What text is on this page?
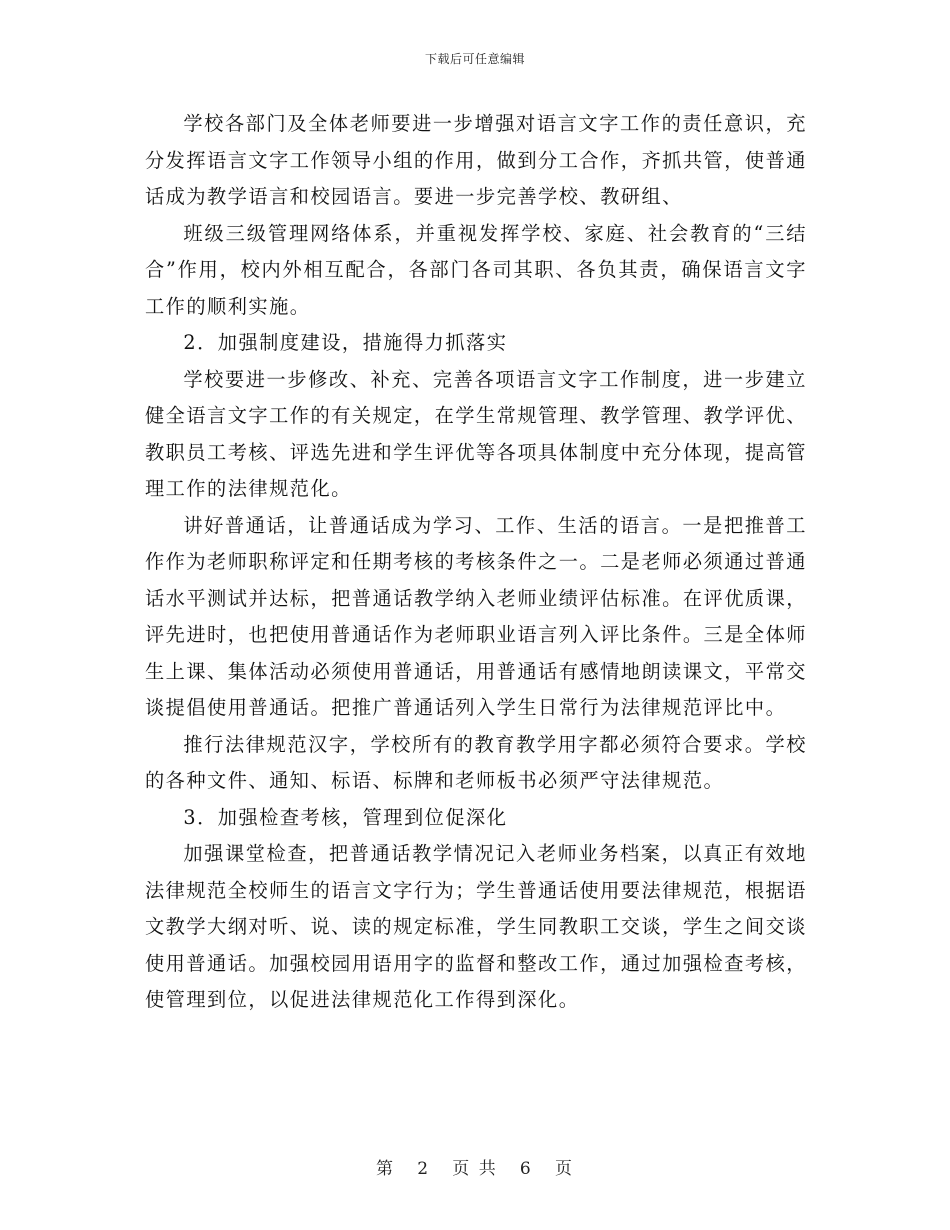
下载后可任意编辑

学校各部门及全体老师要进一步增强对语言文字工作的责任意识，充分发挥语言文字工作领导小组的作用，做到分工合作，齐抓共管，使普通话成为教学语言和校园语言。要进一步完善学校、教研组、

班级三级管理网络体系，并重视发挥学校、家庭、社会教育的“三结合”作用，校内外相互配合，各部门各司其职、各负其责，确保语言文字工作的顺利实施。

2．加强制度建设，措施得力抓落实

学校要进一步修改、补充、完善各项语言文字工作制度，进一步建立健全语言文字工作的有关规定，在学生常规管理、教学管理、教学评优、教职员工考核、评选先进和学生评优等各项具体制度中充分体现，提高管理工作的法律规范化。

讲好普通话，让普通话成为学习、工作、生活的语言。一是把推普工作作为老师职称评定和任期考核的考核条件之一。二是老师必须通过普通话水平测试并达标，把普通话教学纳入老师业绩评估标准。在评优质课，评先进时，也把使用普通话作为老师职业语言列入评比条件。三是全体师生上课、集体活动必须使用普通话，用普通话有感情地朗读课文，平常交谈提倡使用普通话。把推广普通话列入学生日常行为法律规范评比中。

推行法律规范汉字，学校所有的教育教学用字都必须符合要求。学校的各种文件、通知、标语、标牌和老师板书必须严守法律规范。

3．加强检查考核，管理到位促深化

加强课堂检查，把普通话教学情况记入老师业务档案，以真正有效地法律规范全校师生的语言文字行为；学生普通话使用要法律规范，根据语文教学大纲对听、说、读的规定标准，学生同教职工交谈，学生之间交谈使用普通话。加强校园用语用字的监督和整改工作，通过加强检查考核，使管理到位，以促进法律规范化工作得到深化。

第 2 页 共 6 页
